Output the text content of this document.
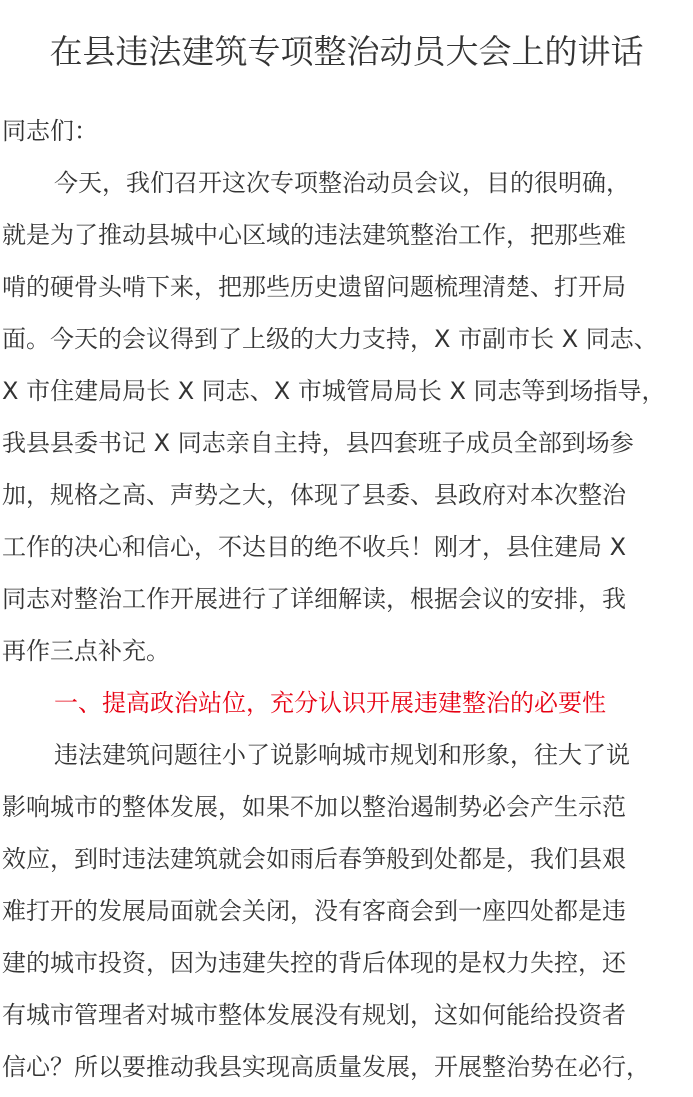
在县违法建筑专项整治动员大会上的讲话
同志们：
今天，我们召开这次专项整治动员会议，目的很明确，
就是为了推动县城中心区域的违法建筑整治工作，把那些难
啃的硬骨头啃下来，把那些历史遗留问题梳理清楚、打开局
面。今天的会议得到了上级的大力支持，X 市副市长 X 同志、
X 市住建局局长 X 同志、X 市城管局局长 X 同志等到场指导，
我县县委书记 X 同志亲自主持，县四套班子成员全部到场参
加，规格之高、声势之大，体现了县委、县政府对本次整治
工作的决心和信心，不达目的绝不收兵！刚才，县住建局 X
同志对整治工作开展进行了详细解读，根据会议的安排，我
再作三点补充。
一、提高政治站位，充分认识开展违建整治的必要性
违法建筑问题往小了说影响城市规划和形象，往大了说
影响城市的整体发展，如果不加以整治遏制势必会产生示范
效应，到时违法建筑就会如雨后春笋般到处都是，我们县艰
难打开的发展局面就会关闭，没有客商会到一座四处都是违
建的城市投资，因为违建失控的背后体现的是权力失控，还
有城市管理者对城市整体发展没有规划，这如何能给投资者
信心？所以要推动我县实现高质量发展，开展整治势在必行，
